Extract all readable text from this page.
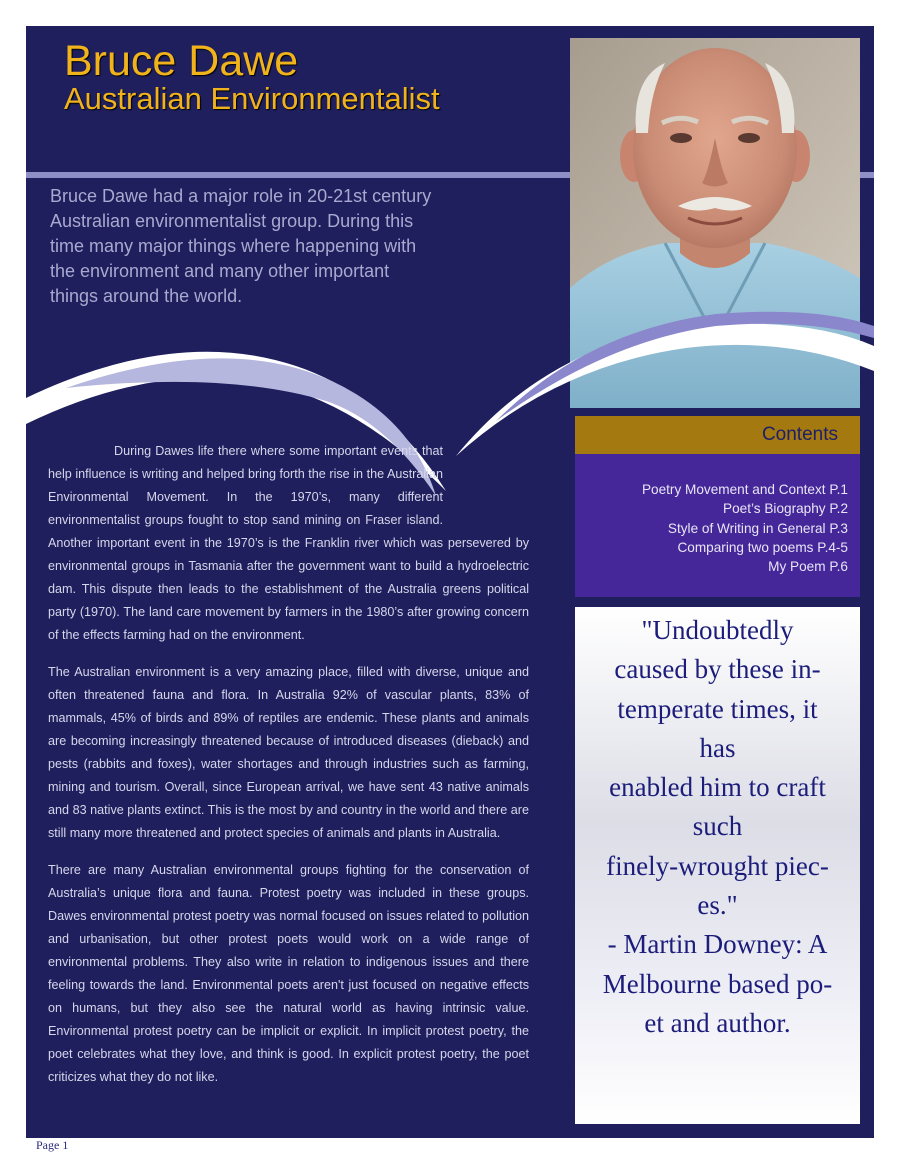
Bruce Dawe
Australian Environmentalist

Bruce Dawe had a major role in 20-21st century
Australian environmentalist group. During this
time many major things where happening with
the environment and many other important
things around the world.

During Dawes life there where some important events that help influence is writing and helped bring forth the rise in the Australian Environmental Movement. In the 1970’s, many different environmentalist groups fought to stop sand mining on Fraser island. Another important event in the 1970’s is the Franklin river which was persevered by environmental groups in Tasmania after the government want to build a hydroelectric dam. This dispute then leads to the establishment of the Australia greens political party (1970). The land care movement by farmers in the 1980’s after growing concern of the effects farming had on the environment.

The Australian environment is a very amazing place, filled with diverse, unique and often threatened fauna and flora. In Australia 92% of vascular plants, 83% of mammals, 45% of birds and 89% of reptiles are endemic. These plants and animals are becoming increasingly threatened because of introduced diseases (dieback) and pests (rabbits and foxes), water shortages and through industries such as farming, mining and tourism. Overall, since European arrival, we have sent 43 native animals and 83 native plants extinct. This is the most by and country in the world and there are still many more threatened and protect species of animals and plants in Australia.

There are many Australian environmental groups fighting for the conservation of Australia’s unique flora and fauna. Protest poetry was included in these groups. Dawes environmental protest poetry was normal focused on issues related to pollution and urbanisation, but other protest poets would work on a wide range of environmental problems. They also write in relation to indigenous issues and there feeling towards the land. Environmental poets aren't just focused on negative effects on humans, but they also see the natural world as having intrinsic value. Environmental protest poetry can be implicit or explicit. In implicit protest poetry, the poet celebrates what they love, and think is good. In explicit protest poetry, the poet criticizes what they do not like.

Contents
Poetry Movement and Context P.1
Poet’s Biography P.2
Style of Writing in General P.3
Comparing two poems P.4-5
My Poem P.6

"Undoubtedly
caused by these in-
temperate times, it
has
enabled him to craft
such
finely-wrought piec-
es."
- Martin Downey: A
Melbourne based po-
et and author.

Page 1
